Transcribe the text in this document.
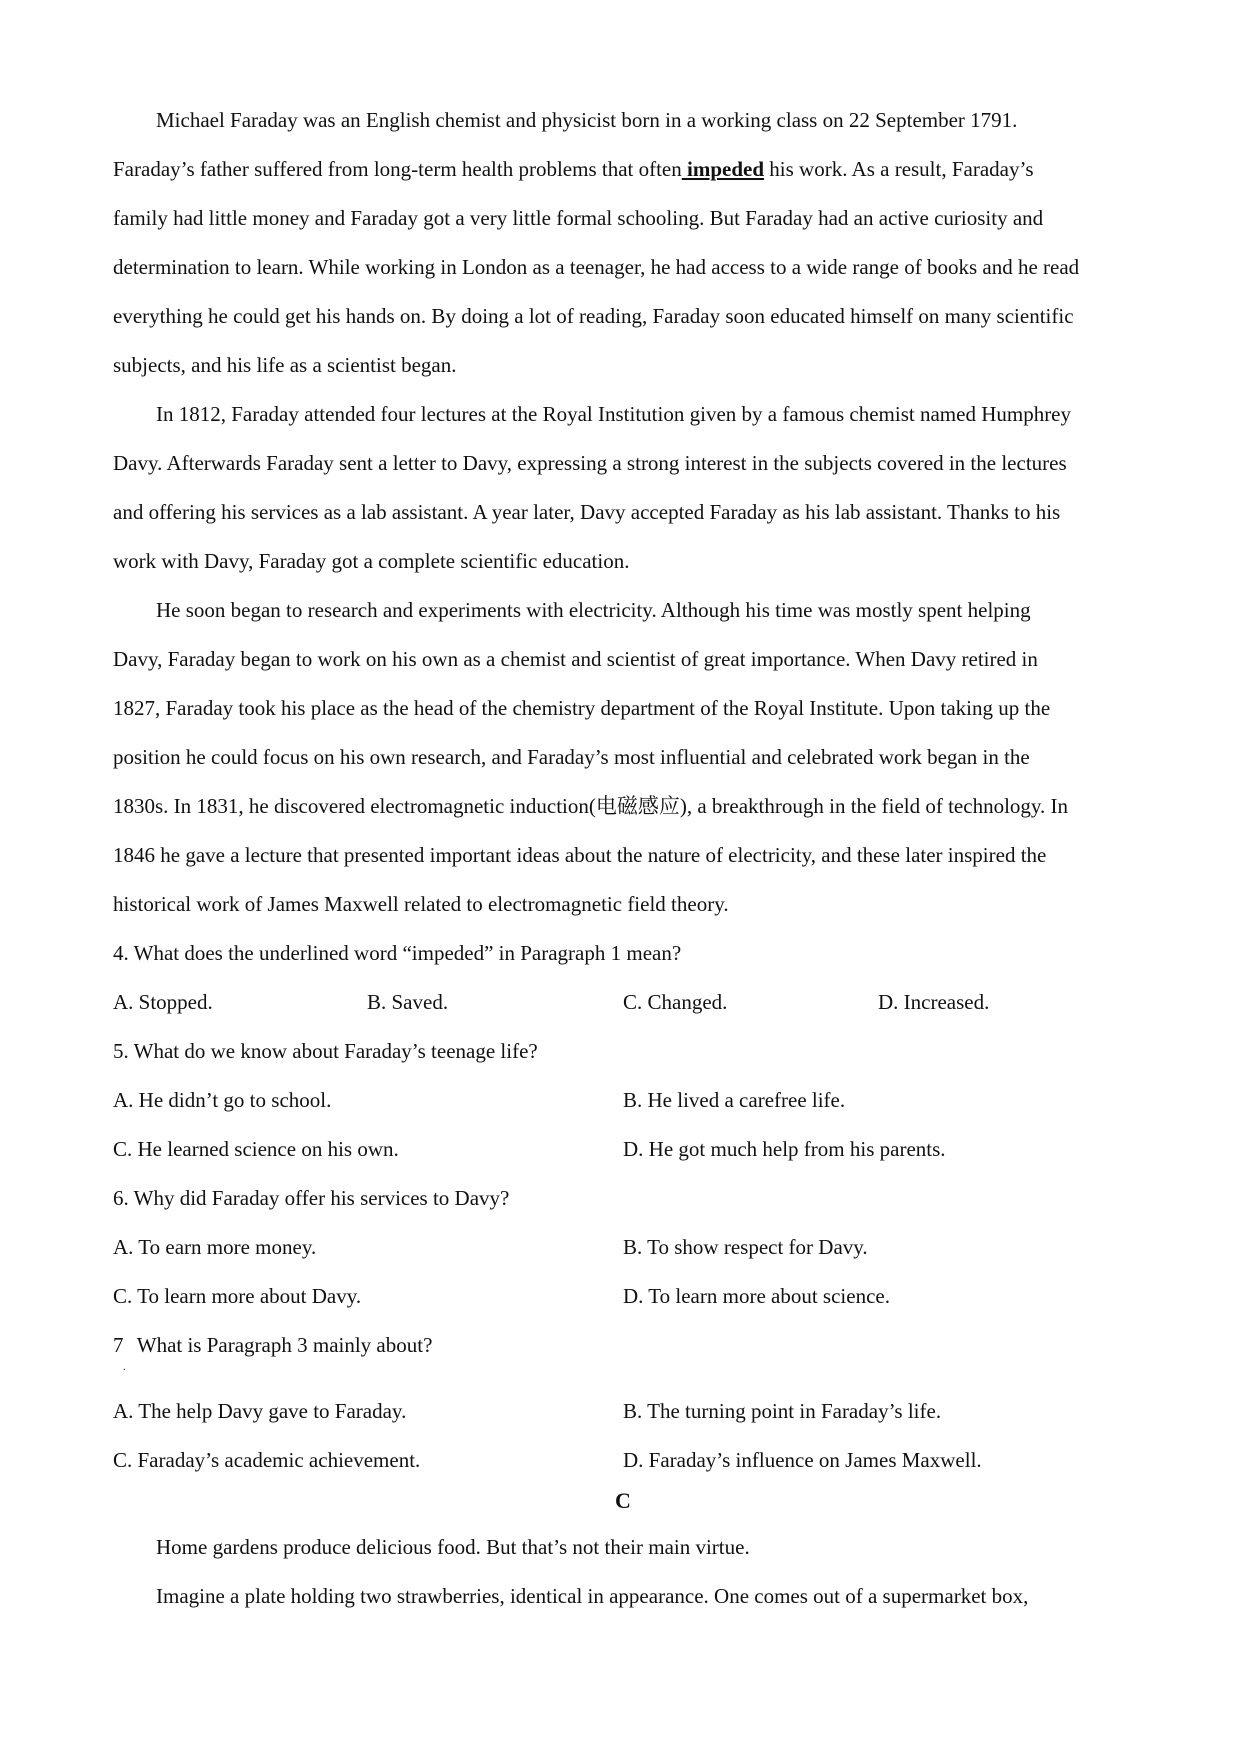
Michael Faraday was an English chemist and physicist born in a working class on 22 September 1791.
Faraday’s father suffered from long-term health problems that often impeded his work. As a result, Faraday’s
family had little money and Faraday got a very little formal schooling. But Faraday had an active curiosity and
determination to learn. While working in London as a teenager, he had access to a wide range of books and he read
everything he could get his hands on. By doing a lot of reading, Faraday soon educated himself on many scientific
subjects, and his life as a scientist began.
In 1812, Faraday attended four lectures at the Royal Institution given by a famous chemist named Humphrey
Davy. Afterwards Faraday sent a letter to Davy, expressing a strong interest in the subjects covered in the lectures
and offering his services as a lab assistant. A year later, Davy accepted Faraday as his lab assistant. Thanks to his
work with Davy, Faraday got a complete scientific education.
He soon began to research and experiments with electricity. Although his time was mostly spent helping
Davy, Faraday began to work on his own as a chemist and scientist of great importance. When Davy retired in
1827, Faraday took his place as the head of the chemistry department of the Royal Institute. Upon taking up the
position he could focus on his own research, and Faraday’s most influential and celebrated work began in the
1830s. In 1831, he discovered electromagnetic induction(电磁感应), a breakthrough in the field of technology. In
1846 he gave a lecture that presented important ideas about the nature of electricity, and these later inspired the
historical work of James Maxwell related to electromagnetic field theory.
4. What does the underlined word “impeded” in Paragraph 1 mean?
A. Stopped.	B. Saved.	C. Changed.	D. Increased.
5. What do we know about Faraday’s teenage life?
A. He didn’t go to school.	B. He lived a carefree life.
C. He learned science on his own.	D. He got much help from his parents.
6. Why did Faraday offer his services to Davy?
A. To earn more money.	B. To show respect for Davy.
C. To learn more about Davy.	D. To learn more about science.
7
.
What is Paragraph 3 mainly about?
A. The help Davy gave to Faraday.	B. The turning point in Faraday’s life.
C. Faraday’s academic achievement.	D. Faraday’s influence on James Maxwell.
C
Home gardens produce delicious food. But that’s not their main virtue.
Imagine a plate holding two strawberries, identical in appearance. One comes out of a supermarket box,
